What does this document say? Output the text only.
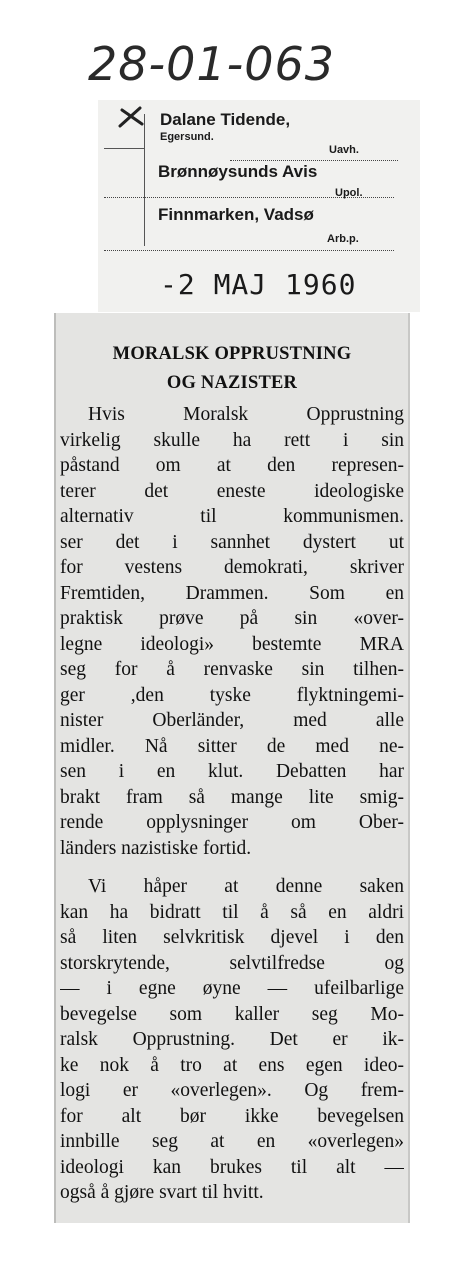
28-01-063
Dalane Tidende,
Egersund.
Uavh.
Brønnøysunds Avis
Upol.
Finnmarken, Vadsø
Arb.p.
-2 MAJ 1960
MORALSK OPPRUSTNING
OG NAZISTER
Hvis Moralsk Opprustning
virkelig skulle ha rett i sin
påstand om at den represen-
terer det eneste ideologiske
alternativ til kommunismen.
ser det i sannhet dystert ut
for vestens demokrati, skriver
Fremtiden, Drammen. Som en
praktisk prøve på sin «over-
legne ideologi» bestemte MRA
seg for å renvaske sin tilhen-
ger ,den tyske flyktningemi-
nister Oberländer, med alle
midler. Nå sitter de med ne-
sen i en klut. Debatten har
brakt fram så mange lite smig-
rende opplysninger om Ober-
länders nazistiske fortid.
Vi håper at denne saken
kan ha bidratt til å så en aldri
så liten selvkritisk djevel i den
storskrytende, selvtilfredse og
— i egne øyne — ufeilbarlige
bevegelse som kaller seg Mo-
ralsk Opprustning. Det er ik-
ke nok å tro at ens egen ideo-
logi er «overlegen». Og frem-
for alt bør ikke bevegelsen
innbille seg at en «overlegen»
ideologi kan brukes til alt —
også å gjøre svart til hvitt.
